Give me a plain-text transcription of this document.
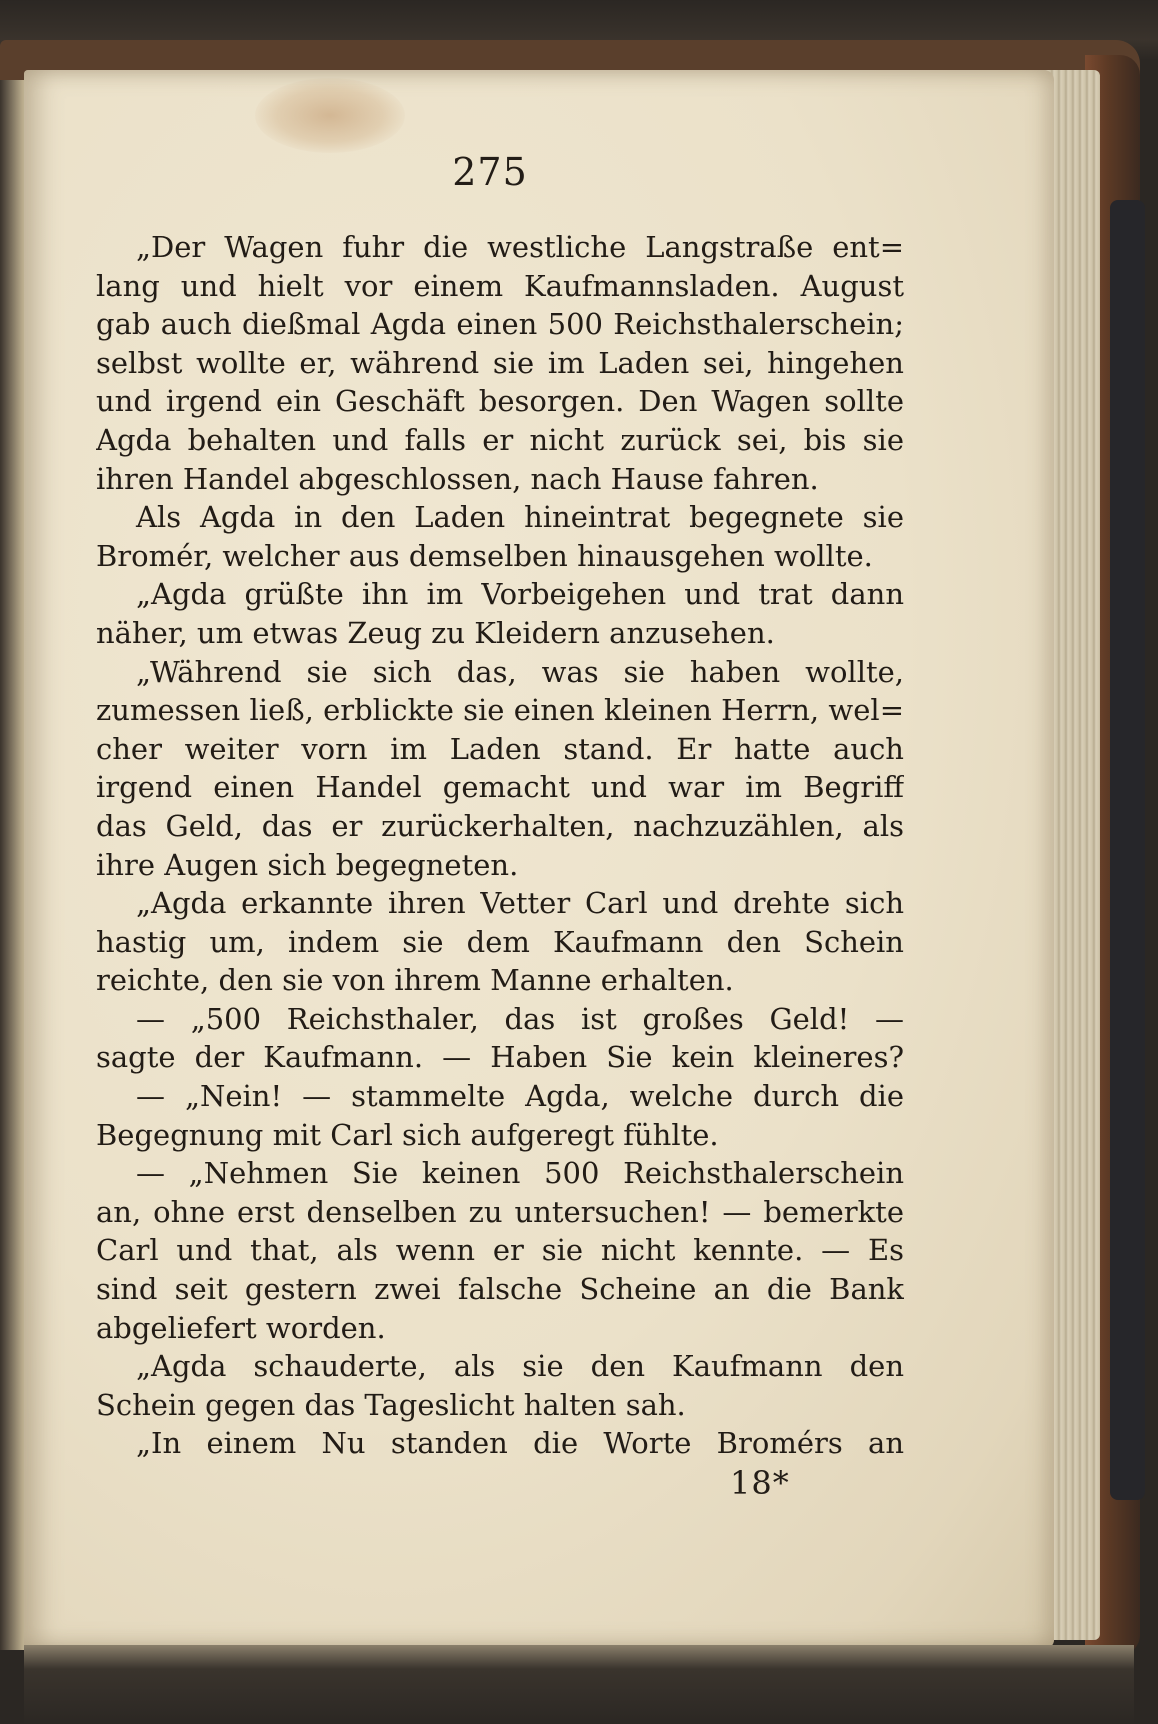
275
„Der Wagen fuhr die westliche Langstraße ent=
lang und hielt vor einem Kaufmannsladen. August
gab auch dießmal Agda einen 500 Reichsthalerschein;
selbst wollte er, während sie im Laden sei, hingehen
und irgend ein Geschäft besorgen. Den Wagen sollte
Agda behalten und falls er nicht zurück sei, bis sie
ihren Handel abgeschlossen, nach Hause fahren.
Als Agda in den Laden hineintrat begegnete sie
Bromér, welcher aus demselben hinausgehen wollte.
„Agda grüßte ihn im Vorbeigehen und trat dann
näher, um etwas Zeug zu Kleidern anzusehen.
„Während sie sich das, was sie haben wollte,
zumessen ließ, erblickte sie einen kleinen Herrn, wel=
cher weiter vorn im Laden stand. Er hatte auch
irgend einen Handel gemacht und war im Begriff
das Geld, das er zurückerhalten, nachzuzählen, als
ihre Augen sich begegneten.
„Agda erkannte ihren Vetter Carl und drehte sich
hastig um, indem sie dem Kaufmann den Schein
reichte, den sie von ihrem Manne erhalten.
— „500 Reichsthaler, das ist großes Geld! —
sagte der Kaufmann. — Haben Sie kein kleineres?
— „Nein! — stammelte Agda, welche durch die
Begegnung mit Carl sich aufgeregt fühlte.
— „Nehmen Sie keinen 500 Reichsthalerschein
an, ohne erst denselben zu untersuchen! — bemerkte
Carl und that, als wenn er sie nicht kennte. — Es
sind seit gestern zwei falsche Scheine an die Bank
abgeliefert worden.
„Agda schauderte, als sie den Kaufmann den
Schein gegen das Tageslicht halten sah.
„In einem Nu standen die Worte Bromérs an
18*
